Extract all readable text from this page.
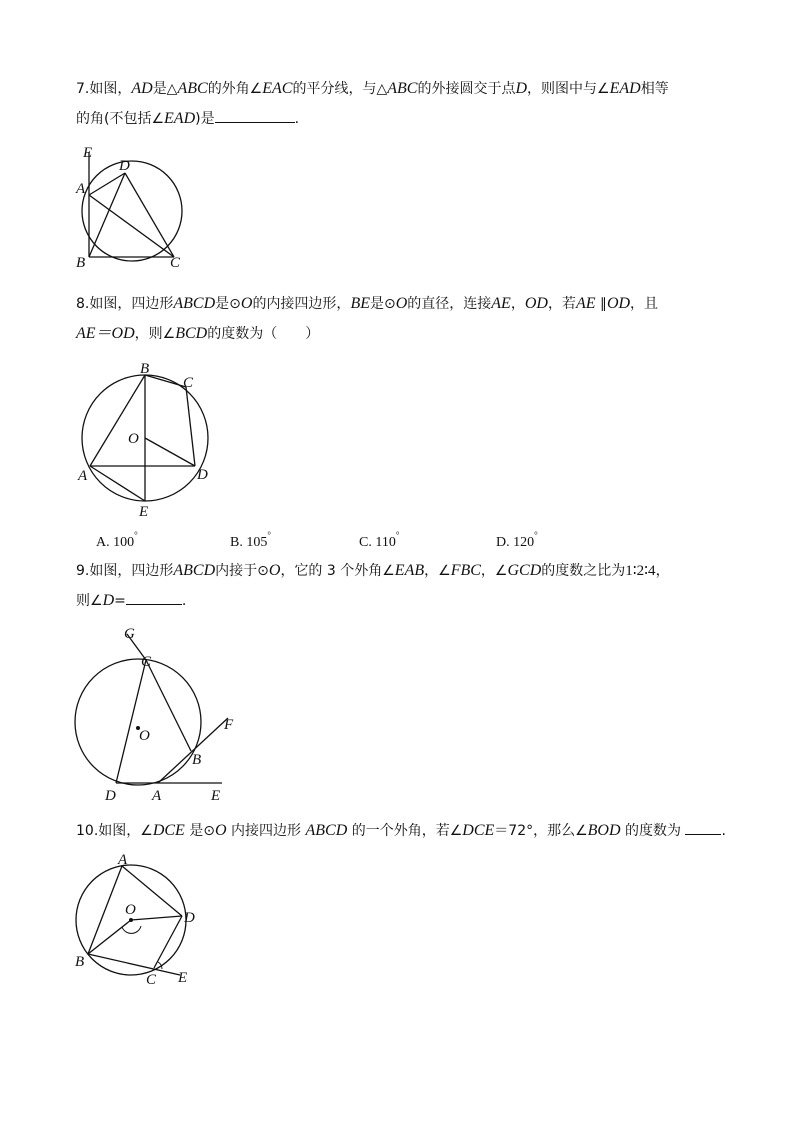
7.如图，AD是△ABC的外角∠EAC的平分线，与△ABC的外接圆交于点D，则图中与∠EAD相等
的角(不包括∠EAD)是	.
E
D
A
B	C
8.如图，四边形ABCD是⊙O的内接四边形，BE是⊙O的直径，连接AE，OD，若AE ∥OD，且
AE＝OD，则∠BCD的度数为（　　）
B
C
O
A	D
E
A. 100°	B. 105°	C. 110°	D. 120°
9.如图，四边形ABCD内接于⊙O，它的 3 个外角∠EAB，∠FBC，∠GCD的度数之比为1∶2∶4，
则∠D=	.
G
C
F
O
B
D A	E
10.如图，∠DCE 是⊙O 内接四边形 ABCD 的一个外角，若∠DCE＝72°，那么∠BOD 的度数为	.
A
O	D
B
C E
